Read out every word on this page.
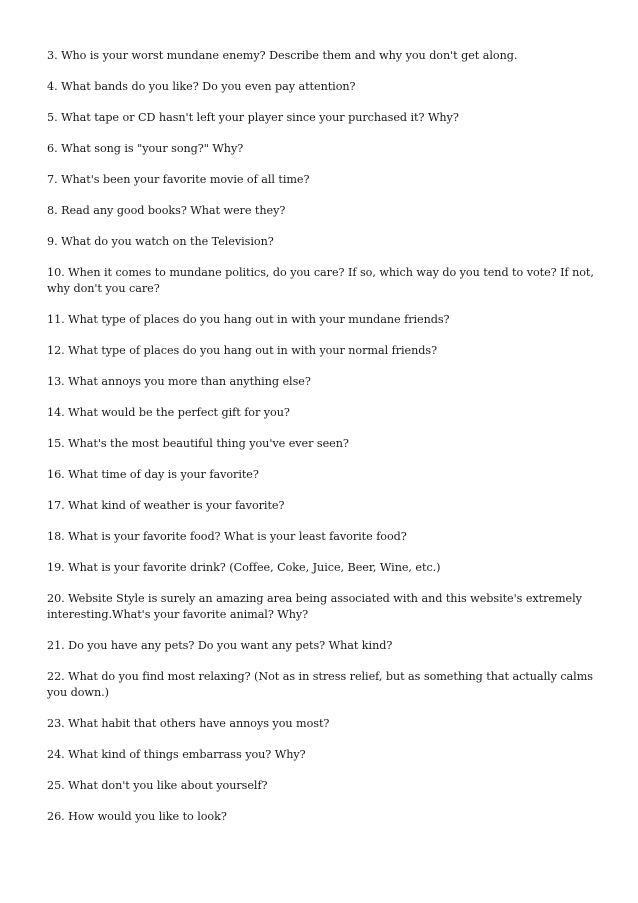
3. Who is your worst mundane enemy? Describe them and why you don't get along.
4. What bands do you like? Do you even pay attention?
5. What tape or CD hasn't left your player since your purchased it? Why?
6. What song is "your song?" Why?
7. What's been your favorite movie of all time?
8. Read any good books? What were they?
9. What do you watch on the Television?
10. When it comes to mundane politics, do you care? If so, which way do you tend to vote? If not, why don't you care?
11. What type of places do you hang out in with your mundane friends?
12. What type of places do you hang out in with your normal friends?
13. What annoys you more than anything else?
14. What would be the perfect gift for you?
15. What's the most beautiful thing you've ever seen?
16. What time of day is your favorite?
17. What kind of weather is your favorite?
18. What is your favorite food? What is your least favorite food?
19. What is your favorite drink? (Coffee, Coke, Juice, Beer, Wine, etc.)
20. Website Style is surely an amazing area being associated with and this website's extremely interesting.What's your favorite animal? Why?
21. Do you have any pets? Do you want any pets? What kind?
22. What do you find most relaxing? (Not as in stress relief, but as something that actually calms you down.)
23. What habit that others have annoys you most?
24. What kind of things embarrass you? Why?
25. What don't you like about yourself?
26. How would you like to look?
